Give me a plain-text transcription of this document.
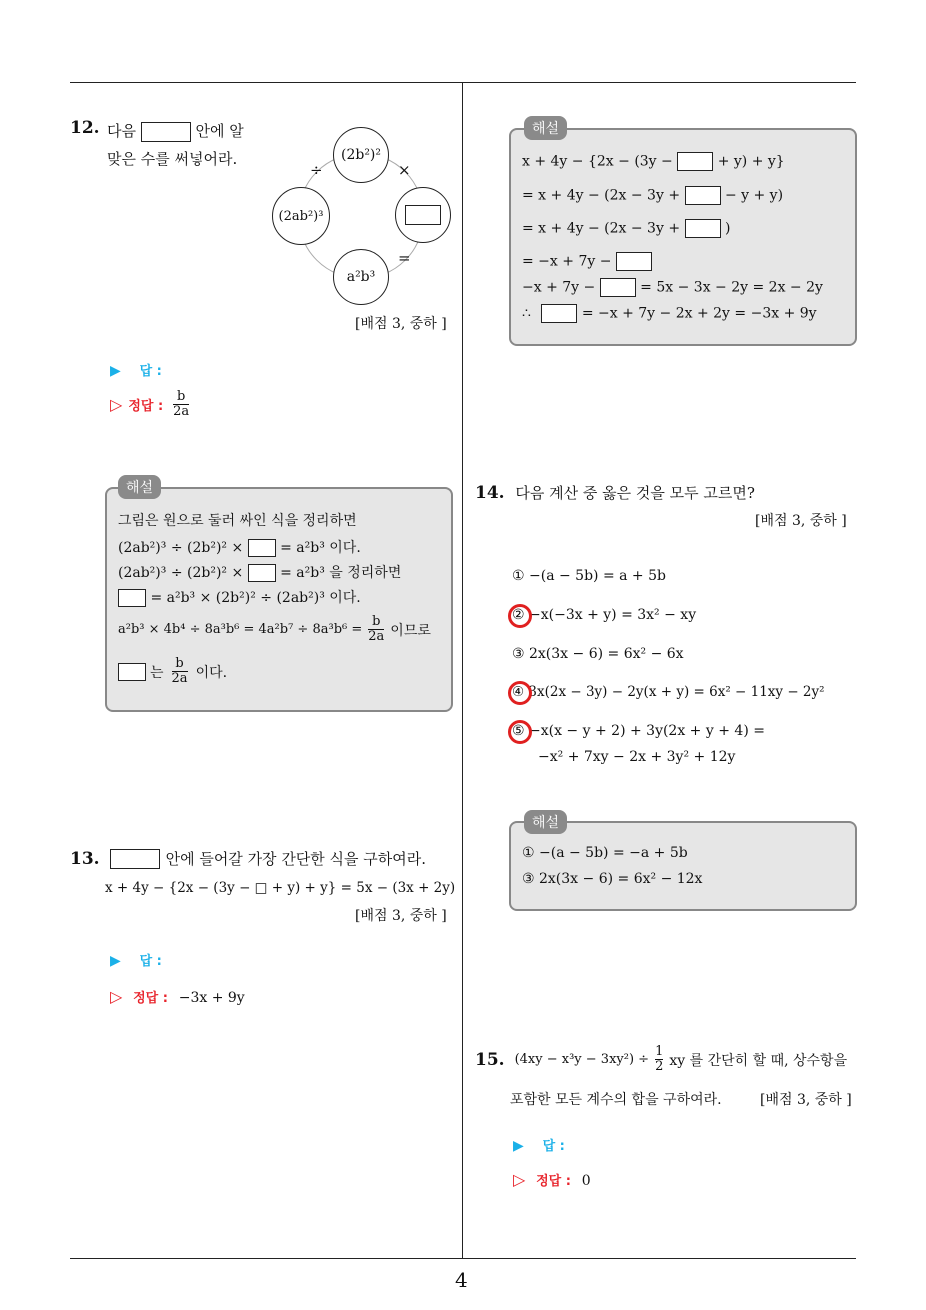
4
12. 다음	안에 알
맞은 수를 써넣어라.	(2b²)²
(2ab²)³
a²b³
÷	×
=
[배점 3, 중하 ]
▶ 답 :
▷ 정답 : $\frac{b}{2a}$
해설
그림은 원으로 둘러 싸인 식을 정리하면
(2ab²)³ ÷ (2b²)² ×	= a²b³ 이다.
(2ab²)³ ÷ (2b²)² ×	= a²b³ 을 정리하면
= a²b³ × (2b²)² ÷ (2ab²)³ 이다.
$a^2b^3 \times 4b^4 \div 8a^3b^6 = 4a^2b^7 \div 8a^3b^6 = \frac{b}{2a}$ 이므로
는 $\frac{b}{2a}$ 이다.
13.	안에 들어갈 가장 간단한 식을 구하여라.
x + 4y − {2x − (3y − □ + y) + y} = 5x − (3x + 2y)
[배점 3, 중하 ]
▶ 답 :
▷ 정답 : −3x + 9y
해설
x + 4y − {2x − (3y −	+ y) + y}
= x + 4y − (2x − 3y +	− y + y)
= x + 4y − (2x − 3y +	)
= −x + 7y −
−x + 7y −	= 5x − 3x − 2y = 2x − 2y
∴	= −x + 7y − 2x + 2y = −3x + 9y
14. 다음 계산 중 옳은 것을 모두 고르면?
[배점 3, 중하 ]
① −(a − 5b) = a + 5b
② −x(−3x + y) = 3x² − xy
③ 2x(3x − 6) = 6x² − 6x
④ 3x(2x − 3y) − 2y(x + y) = 6x² − 11xy − 2y²
⑤ −x(x − y + 2) + 3y(2x + y + 4) =
−x² + 7xy − 2x + 3y² + 12y
해설
① −(a − 5b) = −a + 5b
③ 2x(3x − 6) = 6x² − 12x
15. $(4xy - x^3y - 3xy^2) \div \frac{1}{2}$ xy 를 간단히 할 때, 상수항을
포함한 모든 계수의 합을 구하여라.	[배점 3, 중하 ]
▶ 답 :
▷ 정답 : 0
